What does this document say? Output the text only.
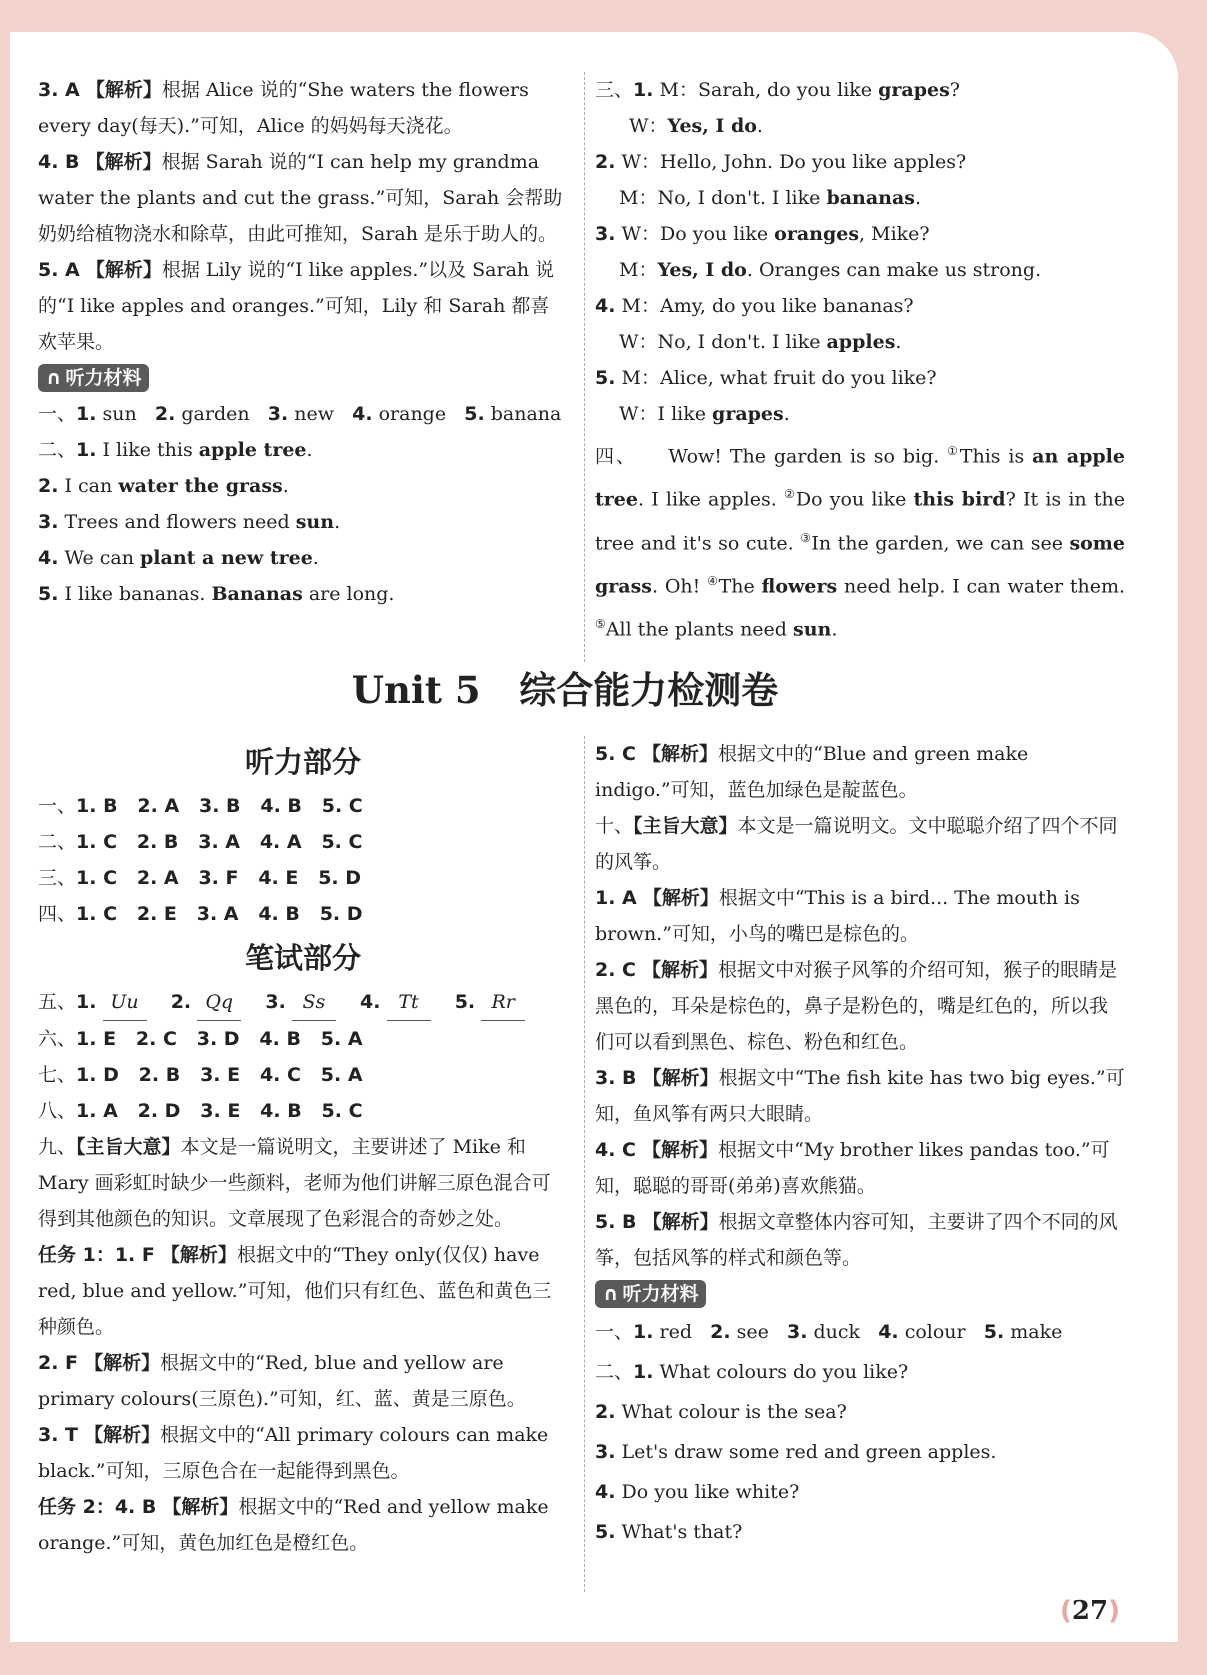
3. A 【解析】根据 Alice 说的“She waters the flowers every day(每天).”可知，Alice 的妈妈每天浇花。

4. B 【解析】根据 Sarah 说的“I can help my grandma water the plants and cut the grass.”可知，Sarah 会帮助奶奶给植物浇水和除草，由此可推知，Sarah 是乐于助人的。

5. A 【解析】根据 Lily 说的“I like apples.”以及 Sarah 说的“I like apples and oranges.”可知，Lily 和 Sarah 都喜欢苹果。

∩ 听力材料

一、1. sun 2. garden 3. new 4. orange 5. banana

二、1. I like this apple tree.

2. I can water the grass.

3. Trees and flowers need sun.

4. We can plant a new tree.

5. I like bananas. Bananas are long.

三、1. M：Sarah, do you like grapes?

W：Yes, I do.

2. W：Hello, John. Do you like apples?

M：No, I don't. I like bananas.

3. W：Do you like oranges, Mike?

M：Yes, I do. Oranges can make us strong.

4. M：Amy, do you like bananas?

W：No, I don't. I like apples.

5. M：Alice, what fruit do you like?

W：I like grapes.

四、 Wow! The garden is so big. ①This is an apple tree. I like apples. ②Do you like this bird? It is in the tree and it's so cute. ③In the garden, we can see some grass. Oh! ④The flowers need help. I can water them. ⑤All the plants need sun.

Unit 5   综合能力检测卷
听力部分

一、1. B   2. A   3. B   4. B   5. C

二、1. C   2. B   3. A   4. A   5. C

三、1. C   2. A   3. F   4. E   5. D

四、1. C   2. E   3. A   4. B   5. D

笔试部分

五、1. Uu 2. Qq 3. Ss 4. Tt 5. Rr

六、1. E   2. C   3. D   4. B   5. A

七、1. D   2. B   3. E   4. C   5. A

八、1. A   2. D   3. E   4. B   5. C

九、【主旨大意】本文是一篇说明文，主要讲述了 Mike 和 Mary 画彩虹时缺少一些颜料，老师为他们讲解三原色混合可得到其他颜色的知识。文章展现了色彩混合的奇妙之处。

任务 1：1. F 【解析】根据文中的“They only(仅仅) have red, blue and yellow.”可知，他们只有红色、蓝色和黄色三种颜色。

2. F 【解析】根据文中的“Red, blue and yellow are primary colours(三原色).”可知，红、蓝、黄是三原色。

3. T 【解析】根据文中的“All primary colours can make black.”可知，三原色合在一起能得到黑色。

任务 2：4. B 【解析】根据文中的“Red and yellow make orange.”可知，黄色加红色是橙红色。

5. C 【解析】根据文中的“Blue and green make indigo.”可知，蓝色加绿色是靛蓝色。

十、【主旨大意】本文是一篇说明文。文中聪聪介绍了四个不同的风筝。

1. A 【解析】根据文中“This is a bird... The mouth is brown.”可知，小鸟的嘴巴是棕色的。

2. C 【解析】根据文中对猴子风筝的介绍可知，猴子的眼睛是黑色的，耳朵是棕色的，鼻子是粉色的，嘴是红色的，所以我们可以看到黑色、棕色、粉色和红色。

3. B 【解析】根据文中“The fish kite has two big eyes.”可知，鱼风筝有两只大眼睛。

4. C 【解析】根据文中“My brother likes pandas too.”可知，聪聪的哥哥(弟弟)喜欢熊猫。

5. B 【解析】根据文章整体内容可知，主要讲了四个不同的风筝，包括风筝的样式和颜色等。

∩ 听力材料

一、1. red 2. see 3. duck 4. colour 5. make

二、1. What colours do you like?

2. What colour is the sea?

3. Let's draw some red and green apples.

4. Do you like white?

5. What's that?

(27)
